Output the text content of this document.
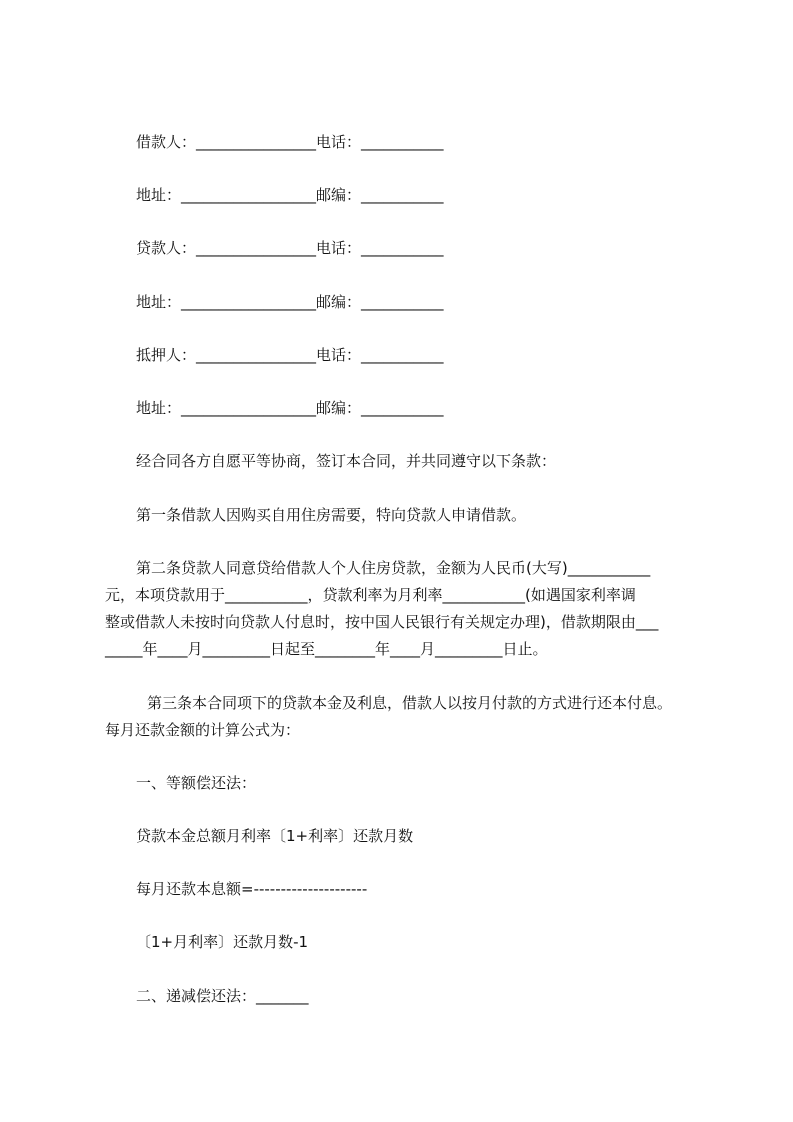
借款人：________________电话：___________
地址：__________________邮编：___________
贷款人：________________电话：___________
地址：__________________邮编：___________
抵押人：________________电话：___________
地址：__________________邮编：___________
经合同各方自愿平等协商，签订本合同，并共同遵守以下条款：
第一条借款人因购买自用住房需要，特向贷款人申请借款。
第二条贷款人同意贷给借款人个人住房贷款，金额为人民币(大写)___________
元，本项贷款用于___________，贷款利率为月利率___________(如遇国家利率调
整或借款人未按时向贷款人付息时，按中国人民银行有关规定办理)，借款期限由___
_____年____月_________日起至________年____月_________日止。
第三条本合同项下的贷款本金及利息，借款人以按月付款的方式进行还本付息。
每月还款金额的计算公式为：
一、等额偿还法：
贷款本金总额月利率〔1+利率〕还款月数
每月还款本息额=---------------------
〔1+月利率〕还款月数-1
二、递减偿还法：_______
